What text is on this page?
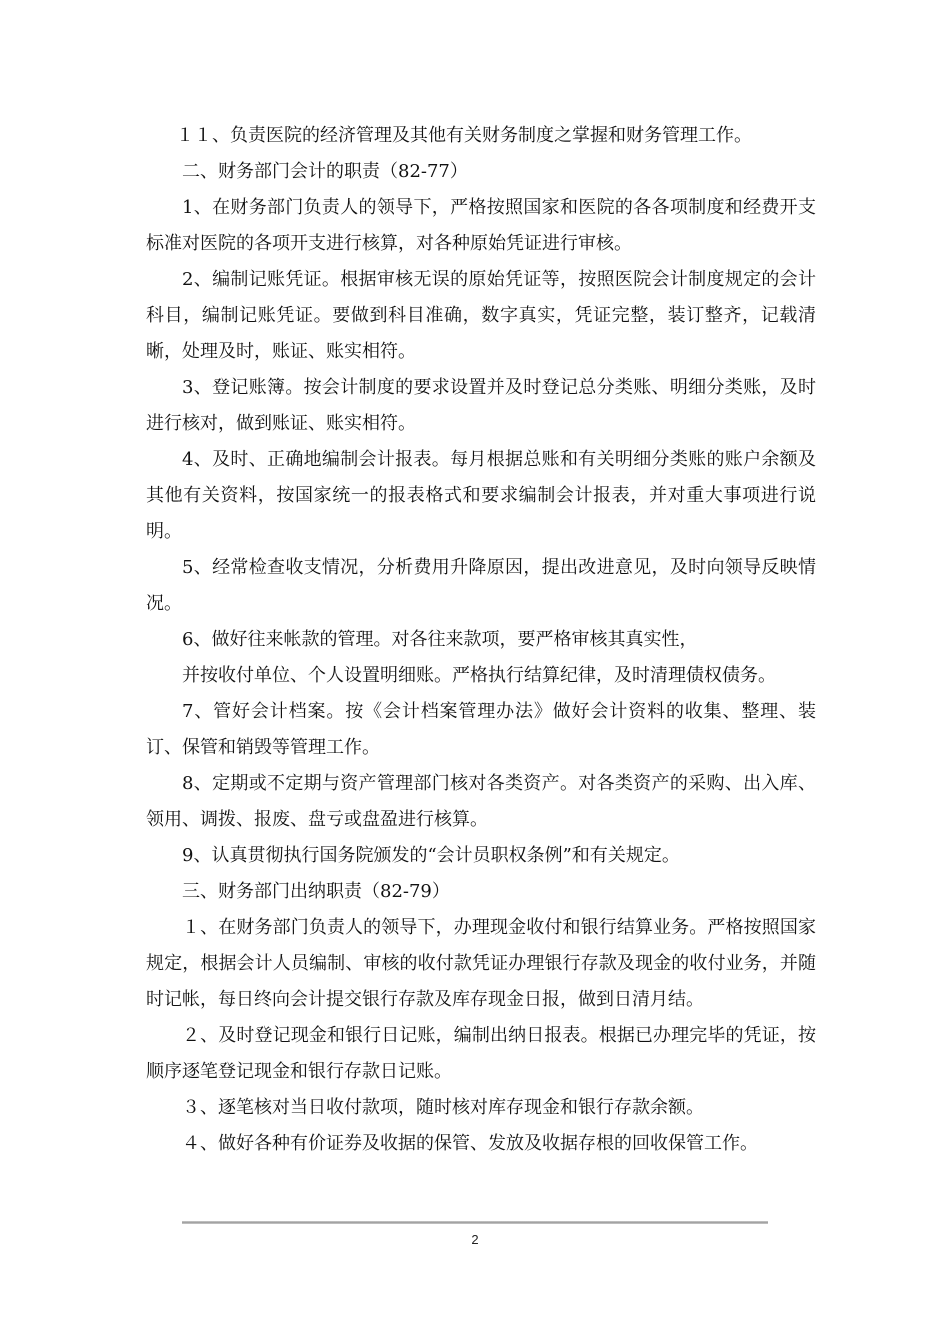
１１、负责医院的经济管理及其他有关财务制度之掌握和财务管理工作。

二、财务部门会计的职责（82-77）

1、在财务部门负责人的领导下，严格按照国家和医院的各各项制度和经费开支标准对医院的各项开支进行核算，对各种原始凭证进行审核。

2、编制记账凭证。根据审核无误的原始凭证等，按照医院会计制度规定的会计科目，编制记账凭证。要做到科目准确，数字真实，凭证完整，装订整齐，记载清晰，处理及时，账证、账实相符。

3、登记账簿。按会计制度的要求设置并及时登记总分类账、明细分类账，及时进行核对，做到账证、账实相符。

4、及时、正确地编制会计报表。每月根据总账和有关明细分类账的账户余额及其他有关资料，按国家统一的报表格式和要求编制会计报表，并对重大事项进行说明。

5、经常检查收支情况，分析费用升降原因，提出改进意见，及时向领导反映情况。

6、做好往来帐款的管理。对各往来款项，要严格审核其真实性，

并按收付单位、个人设置明细账。严格执行结算纪律，及时清理债权债务。

7、管好会计档案。按《会计档案管理办法》做好会计资料的收集、整理、装订、保管和销毁等管理工作。

8、定期或不定期与资产管理部门核对各类资产。对各类资产的采购、出入库、领用、调拨、报废、盘亏或盘盈进行核算。

9、认真贯彻执行国务院颁发的“会计员职权条例”和有关规定。

三、财务部门出纳职责（82-79）

１、在财务部门负责人的领导下，办理现金收付和银行结算业务。严格按照国家规定，根据会计人员编制、审核的收付款凭证办理银行存款及现金的收付业务，并随时记帐，每日终向会计提交银行存款及库存现金日报，做到日清月结。

２、及时登记现金和银行日记账，编制出纳日报表。根据已办理完毕的凭证，按顺序逐笔登记现金和银行存款日记账。

３、逐笔核对当日收付款项，随时核对库存现金和银行存款余额。

４、做好各种有价证券及收据的保管、发放及收据存根的回收保管工作。

2
